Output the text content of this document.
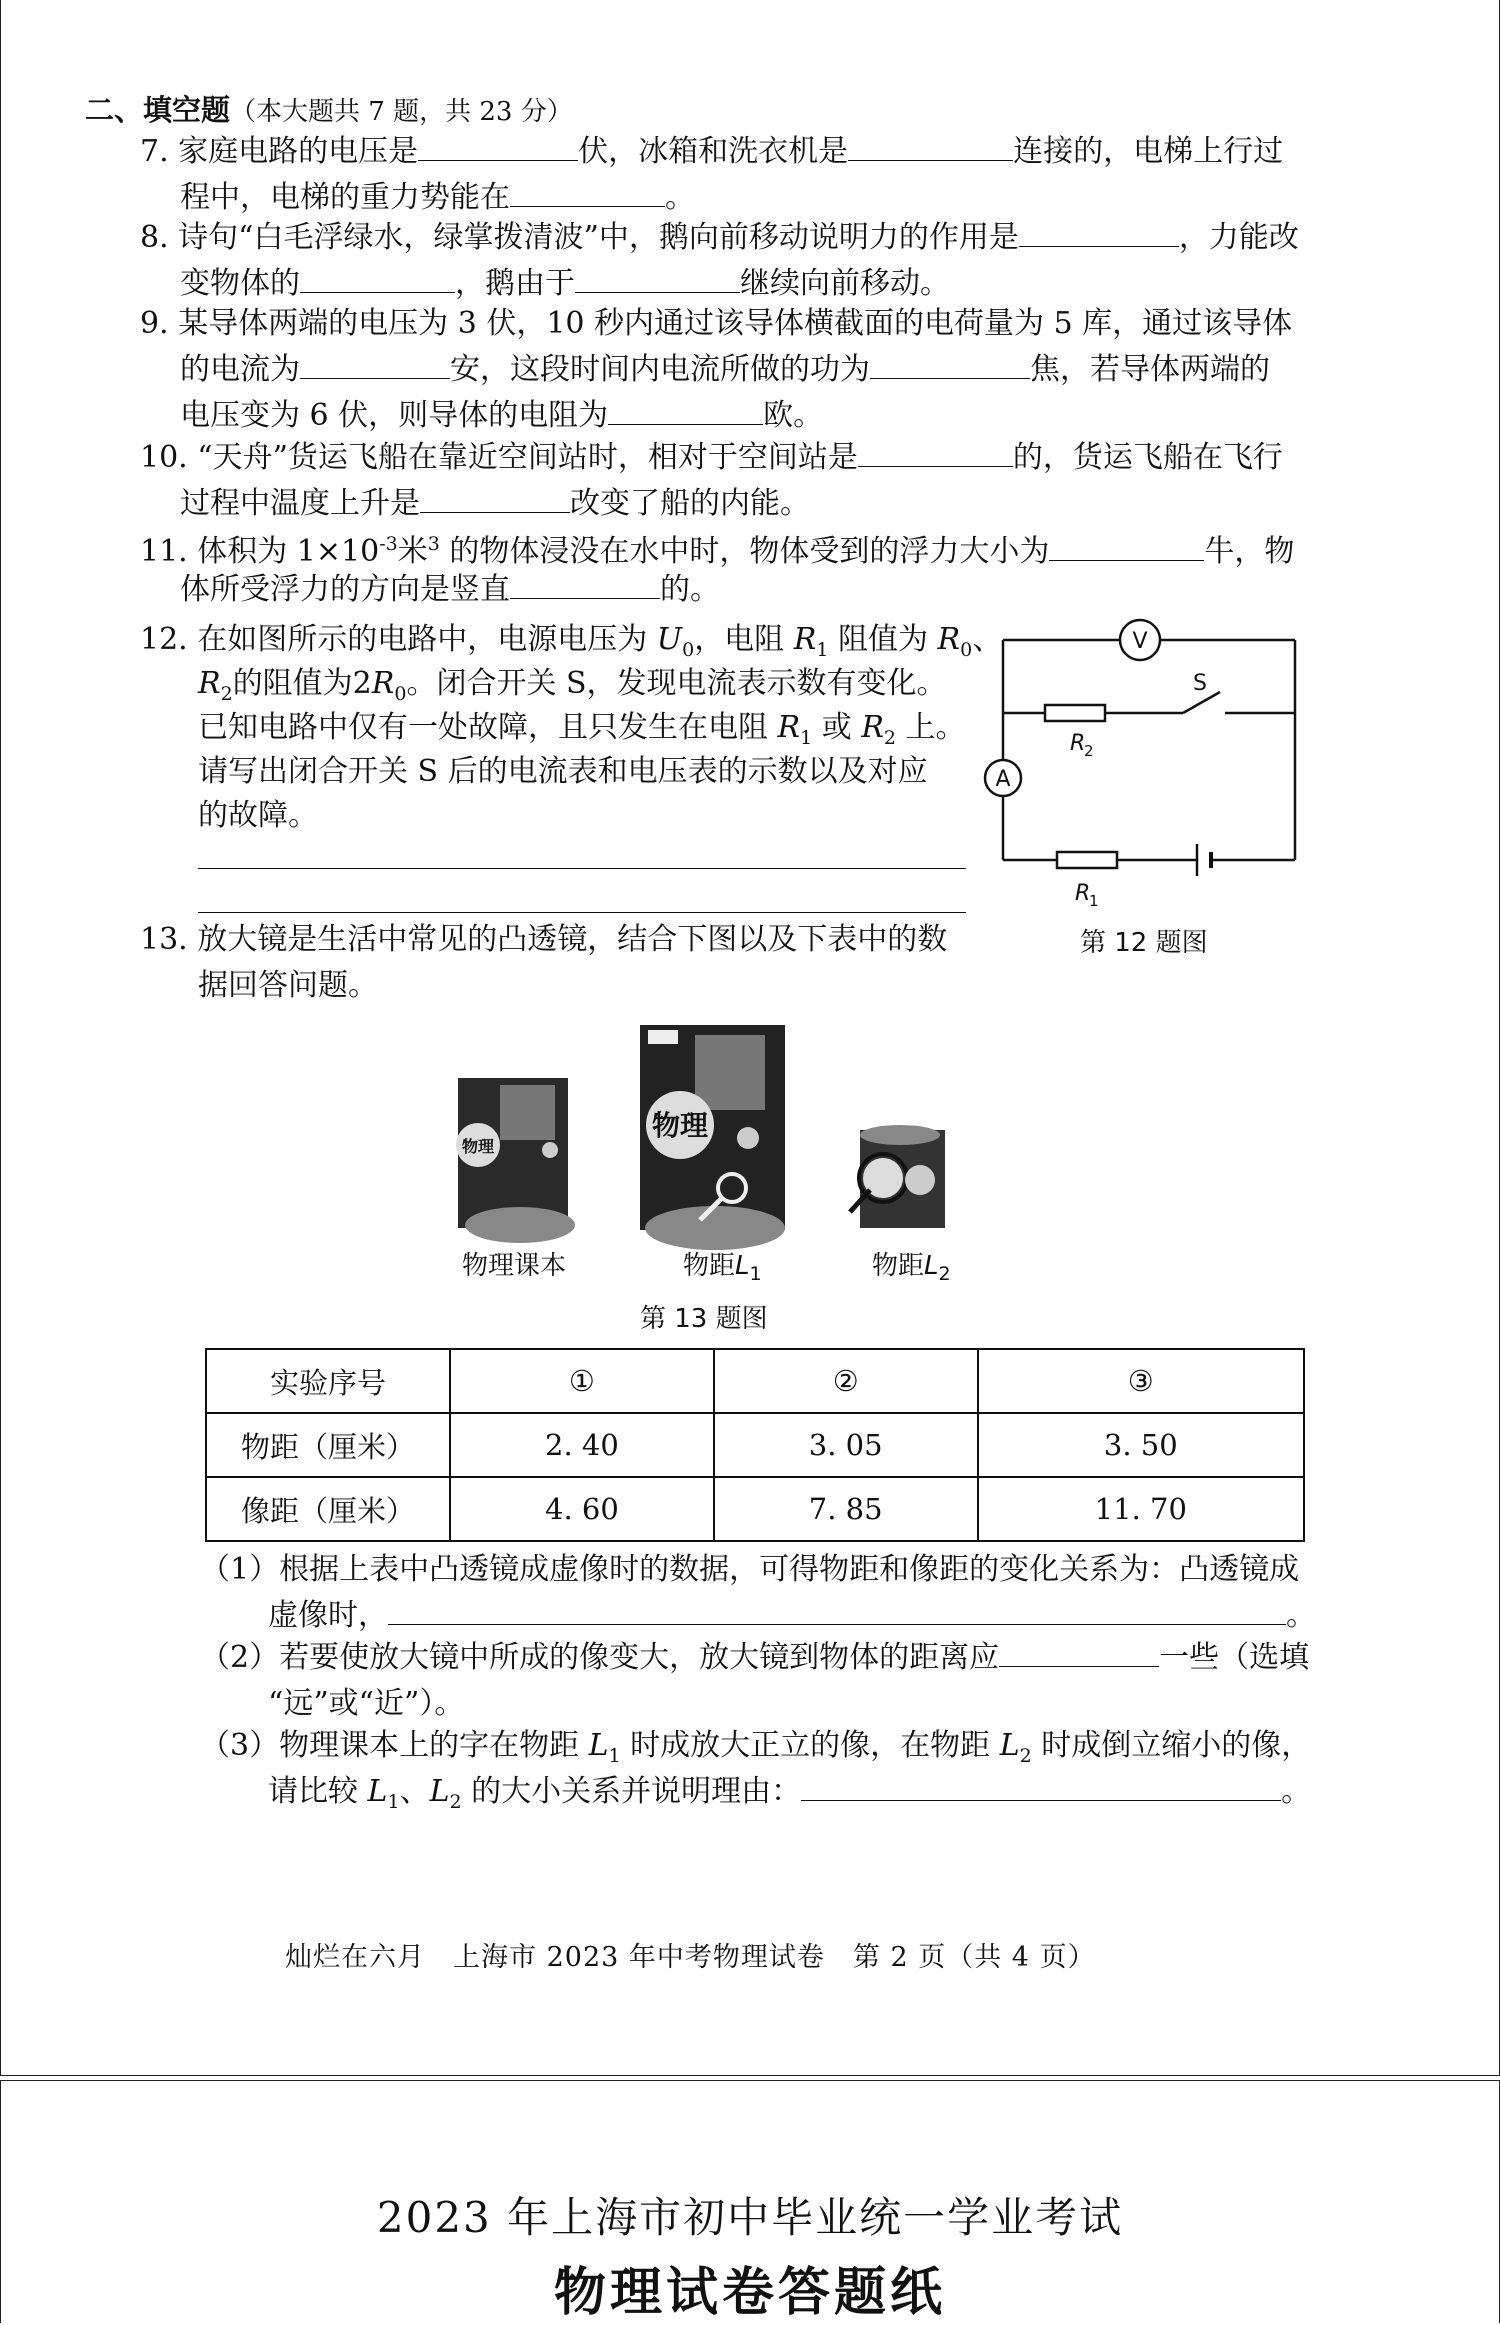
二、填空题（本大题共 7 题，共 23 分）
7. 家庭电路的电压是	伏，冰箱和洗衣机是	连接的，电梯上行过
程中，电梯的重力势能在	。
8. 诗句“白毛浮绿水，绿掌拨清波”中，鹅向前移动说明力的作用是	，力能改
变物体的	，鹅由于	继续向前移动。
9. 某导体两端的电压为 3 伏，10 秒内通过该导体横截面的电荷量为 5 库，通过该导体
的电流为	安，这段时间内电流所做的功为	焦，若导体两端的
电压变为 6 伏，则导体的电阻为	欧。
10. “天舟”货运飞船在靠近空间站时，相对于空间站是	的，货运飞船在飞行
过程中温度上升是	改变了船的内能。
11. 体积为 $1\times 10^{-3}$米$^3$ 的物体浸没在水中时，物体受到的浮力大小为	牛，物
体所受浮力的方向是竖直	的。
12. 在如图所示的电路中，电源电压为 $U_0$，电阻 $R_1$ 阻值为 $R_0$、
$R_2$的阻值为$2R_0$。闭合开关 S，发现电流表示数有变化。
已知电路中仅有一处故障，且只发生在电阻 $R_1$ 或 $R_2$ 上。
请写出闭合开关 S 后的电流表和电压表的示数以及对应
的故障。
V
A
S
R
2
R
1
第 12 题图
13. 放大镜是生活中常见的凸透镜，结合下图以及下表中的数
据回答问题。
物理
物理
物理课本	物距$L_1$	物距$L_2$
第 13 题图
实验序号	①	②	③
物距（厘米）	2. 40	3. 05	3. 50
像距（厘米）	4. 60	7. 85	11. 70
（1）根据上表中凸透镜成虚像时的数据，可得物距和像距的变化关系为：凸透镜成
虚像时，	。
（2）若要使放大镜中所成的像变大，放大镜到物体的距离应	一些（选填
“远”或“近”）。
（3）物理课本上的字在物距 $L_1$ 时成放大正立的像，在物距 $L_2$ 时成倒立缩小的像，
请比较 $L_1$、$L_2$ 的大小关系并说明理由：	。
灿烂在六月　上海市 2023 年中考物理试卷　第 2 页（共 4 页）
2023 年上海市初中毕业统一学业考试
物理试卷答题纸
